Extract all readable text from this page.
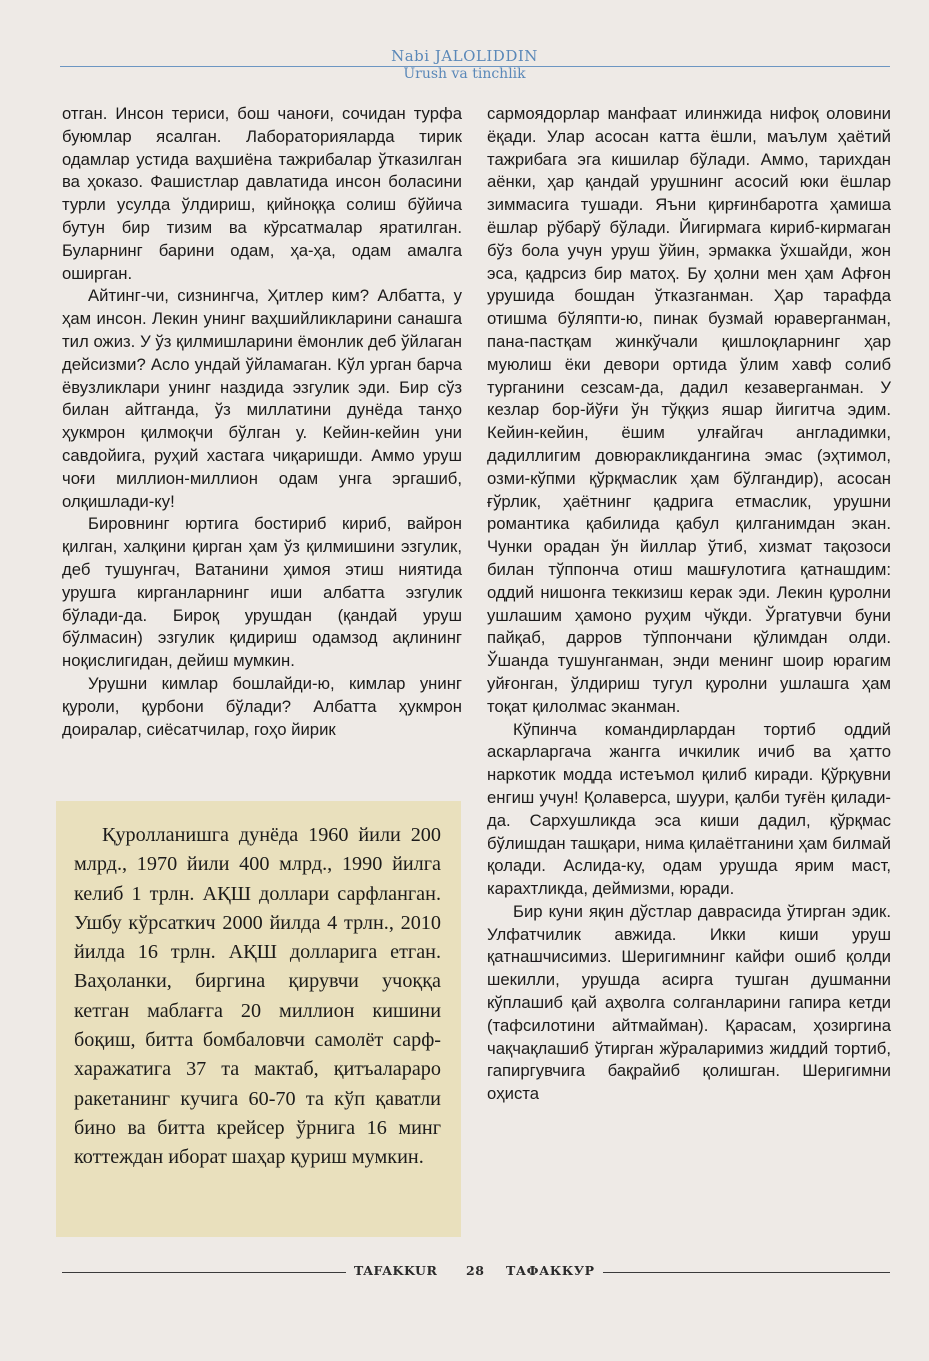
Nabi JALOLIDDIN
Urush va tinchlik

отган. Инсон териси, бош чаноғи, сочидан турфа буюмлар ясалган. Лабораторияларда тирик одамлар устида ваҳшиёна тажрибалар ўтказилган ва ҳоказо. Фашистлар давлатида инсон боласини турли усулда ўлдириш, қийноққа солиш бўйича бутун бир тизим ва кўрсатмалар яратилган. Буларнинг барини одам, ҳа-ҳа, одам амалга оширган.

Айтинг-чи, сизнингча, Ҳитлер ким? Албатта, у ҳам инсон. Лекин унинг ваҳшийликларини санашга тил ожиз. У ўз қилмишларини ёмонлик деб ўйлаган дейсизми? Асло ундай ўйламаган. Кўл урган барча ёвузликлари унинг наздида эзгулик эди. Бир сўз билан айтганда, ўз миллатини дунёда танҳо ҳукмрон қилмоқчи бўлган у. Кейин-кейин уни савдойига, руҳий хастага чиқаришди. Аммо уруш чоғи миллион-миллион одам унга эргашиб, олқишлади-ку!

Бировнинг юртига бостириб кириб, вайрон қилган, халқини қирган ҳам ўз қилмишини эзгулик, деб тушунгач, Ватанини ҳимоя этиш ниятида урушга кирганларнинг иши албатта эзгулик бўлади-да. Бироқ урушдан (қандай уруш бўлмасин) эзгулик қидириш одамзод ақлининг ноқислигидан, дейиш мумкин.

Урушни кимлар бошлайди-ю, кимлар унинг қуроли, қурбони бўлади? Албатта ҳукмрон доиралар, сиёсатчилар, гоҳо йирик

Қуролланишга дунёда 1960 йили 200 млрд., 1970 йили 400 млрд., 1990 йилга келиб 1 трлн. АҚШ доллари сарфланган. Ушбу кўрсаткич 2000 йилда 4 трлн., 2010 йилда 16 трлн. АҚШ долларига етган. Ваҳоланки, биргина қирувчи учоққа кетган маблағга 20 миллион кишини боқиш, битта бомбаловчи самолёт сарф-харажатига 37 та мактаб, қитъалараро ракетанинг кучига 60-70 та кўп қаватли бино ва битта крейсер ўрнига 16 минг коттеждан иборат шаҳар қуриш мумкин.

сармоядорлар манфаат илинжида нифоқ оловини ёқади. Улар асосан катта ёшли, маълум ҳаётий тажрибага эга кишилар бўлади. Аммо, тарихдан аёнки, ҳар қандай урушнинг асосий юки ёшлар зиммасига тушади. Яъни қирғинбаротга ҳамиша ёшлар рўбарў бўлади. Йигирмага кириб-кирмаган бўз бола учун уруш ўйин, эрмакка ўхшайди, жон эса, қадрсиз бир матоҳ. Бу ҳолни мен ҳам Афғон урушида бошдан ўтказганман. Ҳар тарафда отишма бўляпти-ю, пинак бузмай юраверганман, пана-пастқам жинкўчали қишлоқларнинг ҳар муюлиш ёки девори ортида ўлим хавф солиб турганини сезсам-да, дадил кезаверганман. У кезлар бор-йўғи ўн тўққиз яшар йигитча эдим. Кейин-кейин, ёшим улғайгач англадимки, дадиллигим довюракликдангина эмас (эҳтимол, озми-кўпми қўрқмаслик ҳам бўлгандир), асосан ғўрлик, ҳаётнинг қадрига етмаслик, урушни романтика қабилида қабул қилганимдан экан. Чунки орадан ўн йиллар ўтиб, хизмат тақозоси билан тўппонча отиш машғулотига қатнашдим: оддий нишонга теккизиш керак эди. Лекин қуролни ушлашим ҳамоно руҳим чўкди. Ўргатувчи буни пайқаб, дарров тўппончани қўлимдан олди. Ўшанда тушунганман, энди менинг шоир юрагим уйғонган, ўлдириш тугул қуролни ушлашга ҳам тоқат қилолмас эканман.

Кўпинча командирлардан тортиб оддий аскарларгача жангга ичкилик ичиб ва ҳатто наркотик модда истеъмол қилиб киради. Қўрқувни енгиш учун! Қолаверса, шуури, қалби туғён қилади-да. Сархушликда эса киши дадил, қўрқмас бўлишдан ташқари, нима қилаётганини ҳам билмай қолади. Аслида-ку, одам урушда ярим маст, карахтликда, деймизми, юради.

Бир куни яқин дўстлар даврасида ўтирган эдик. Улфатчилик авжида. Икки киши уруш қатнашчисимиз. Шеригимнинг кайфи ошиб қолди шекилли, урушда асирга тушган душманни кўплашиб қай аҳволга солганларини гапира кетди (тафсилотини айтмайман). Қарасам, ҳозиргина чақчақлашиб ўтирган жўраларимиз жиддий тортиб, гапиргувчига бақрайиб қолишган. Шеригимни оҳиста

TAFAKKUR 28 ТАФАККУР
